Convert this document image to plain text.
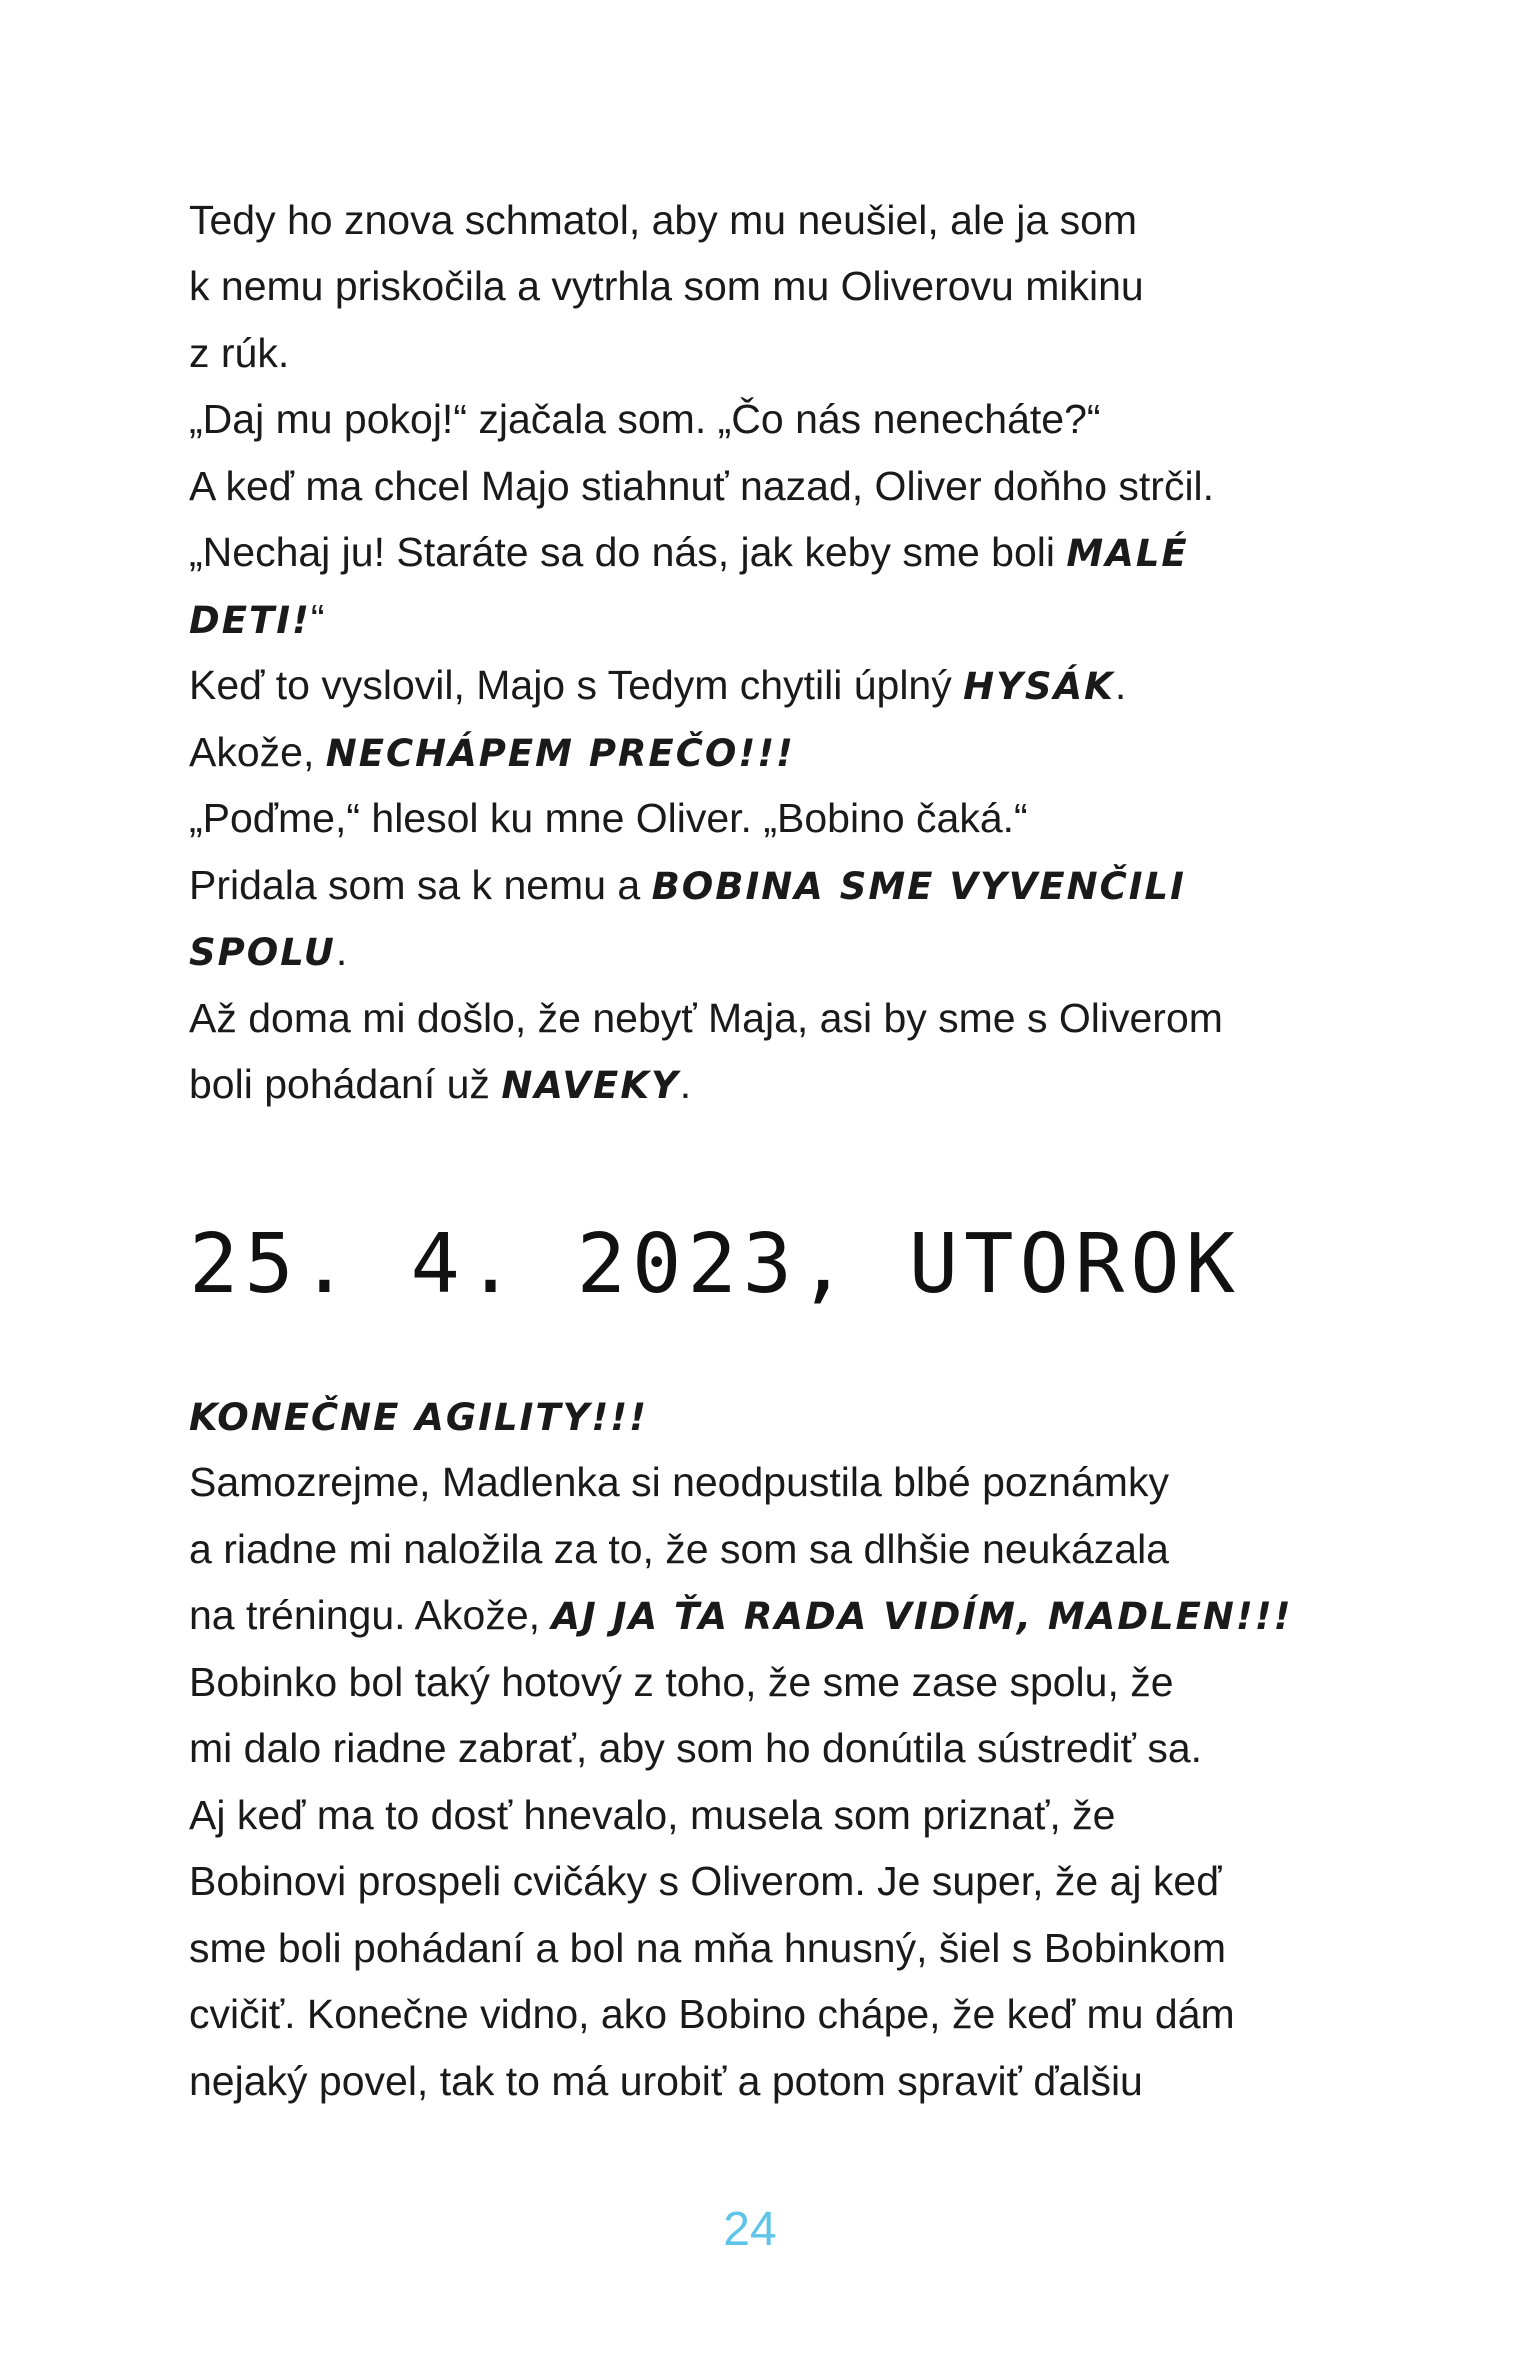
Tedy ho znova schmatol, aby mu neušiel, ale ja som
k nemu priskočila a vytrhla som mu Oliverovu mikinu
z rúk.
„Daj mu pokoj!“ zjačala som. „Čo nás nenecháte?“
A keď ma chcel Majo stiahnuť nazad, Oliver doňho strčil.
„Nechaj ju! Staráte sa do nás, jak keby sme boli MALÉ
DETI!“
Keď to vyslovil, Majo s Tedym chytili úplný HYSÁK.
Akože, NECHÁPEM PREČO!!!
„Poďme,“ hlesol ku mne Oliver. „Bobino čaká.“
Pridala som sa k nemu a BOBINA SME VYVENČILI
SPOLU.
Až doma mi došlo, že nebyť Maja, asi by sme s Oliverom
boli pohádaní už NAVEKY.
25. 4. 2023, UTOROK
KONEČNE AGILITY!!!
Samozrejme, Madlenka si neodpustila blbé poznámky
a riadne mi naložila za to, že som sa dlhšie neukázala
na tréningu. Akože, AJ JA ŤA RADA VIDÍM, MADLEN!!!
Bobinko bol taký hotový z toho, že sme zase spolu, že
mi dalo riadne zabrať, aby som ho donútila sústrediť sa.
Aj keď ma to dosť hnevalo, musela som priznať, že
Bobinovi prospeli cvičáky s Oliverom. Je super, že aj keď
sme boli pohádaní a bol na mňa hnusný, šiel s Bobinkom
cvičiť. Konečne vidno, ako Bobino chápe, že keď mu dám
nejaký povel, tak to má urobiť a potom spraviť ďalšiu
24
